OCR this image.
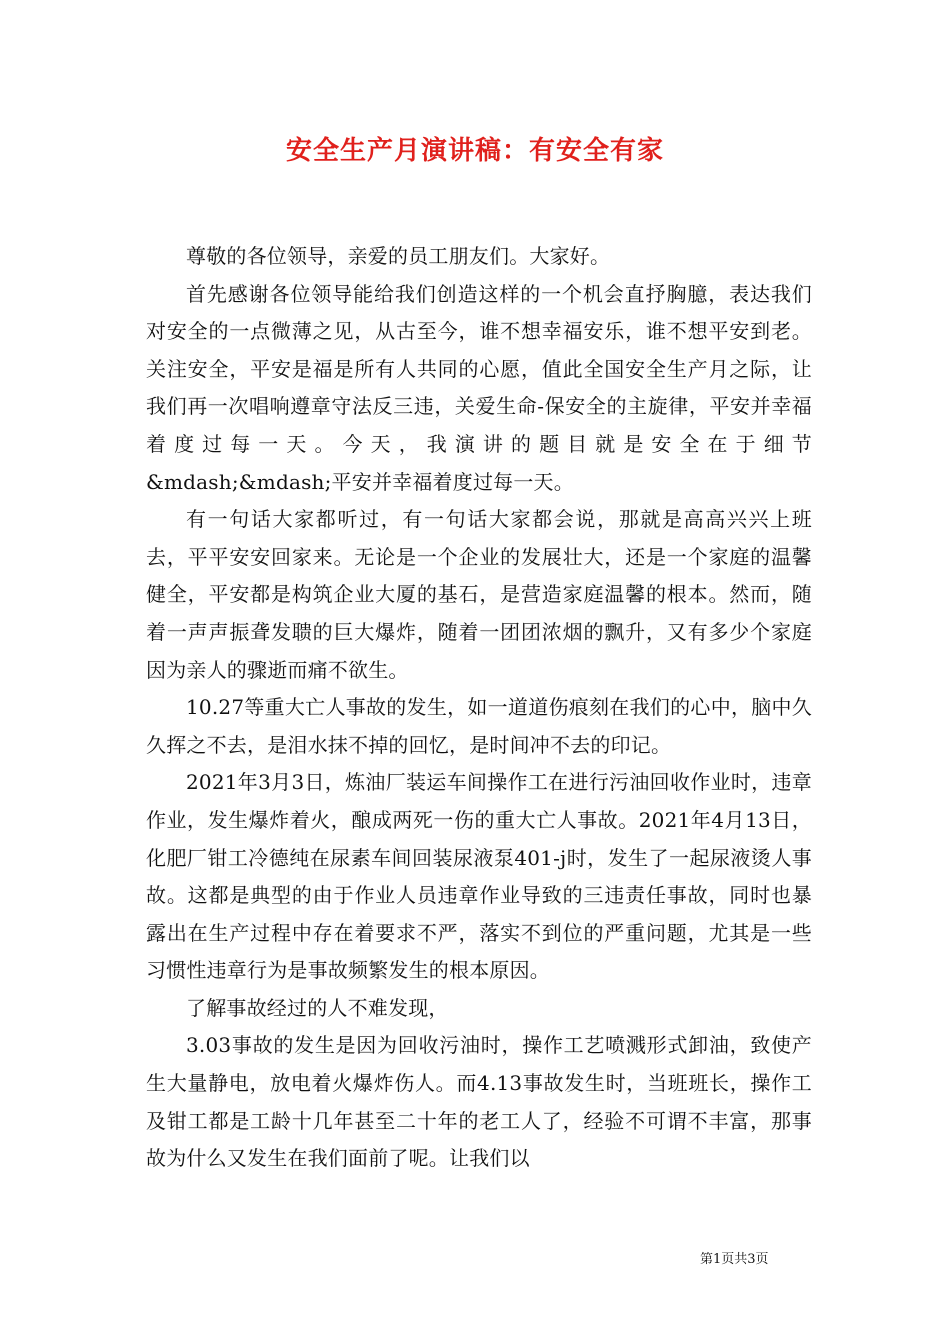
安全生产月演讲稿：有安全有家

尊敬的各位领导，亲爱的员工朋友们。大家好。

首先感谢各位领导能给我们创造这样的一个机会直抒胸臆，表达我们对安全的一点微薄之见，从古至今，谁不想幸福安乐，谁不想平安到老。关注安全，平安是福是所有人共同的心愿，值此全国安全生产月之际，让我们再一次唱响遵章守法反三违，关爱生命-保安全的主旋律，平安并幸福着度过每一天。今天，我演讲的题目就是安全在于细节&mdash;&mdash;平安并幸福着度过每一天。

有一句话大家都听过，有一句话大家都会说，那就是高高兴兴上班去，平平安安回家来。无论是一个企业的发展壮大，还是一个家庭的温馨健全，平安都是构筑企业大厦的基石，是营造家庭温馨的根本。然而，随着一声声振聋发聩的巨大爆炸，随着一团团浓烟的飘升，又有多少个家庭因为亲人的骤逝而痛不欲生。

10.27等重大亡人事故的发生，如一道道伤痕刻在我们的心中，脑中久久挥之不去，是泪水抹不掉的回忆，是时间冲不去的印记。

2021年3月3日，炼油厂装运车间操作工在进行污油回收作业时，违章作业，发生爆炸着火，酿成两死一伤的重大亡人事故。2021年4月13日，化肥厂钳工冷德纯在尿素车间回装尿液泵401-j时，发生了一起尿液烫人事故。这都是典型的由于作业人员违章作业导致的三违责任事故，同时也暴露出在生产过程中存在着要求不严，落实不到位的严重问题，尤其是一些习惯性违章行为是事故频繁发生的根本原因。

了解事故经过的人不难发现，

3.03事故的发生是因为回收污油时，操作工艺喷溅形式卸油，致使产生大量静电，放电着火爆炸伤人。而4.13事故发生时，当班班长，操作工及钳工都是工龄十几年甚至二十年的老工人了，经验不可谓不丰富，那事故为什么又发生在我们面前了呢。让我们以

第1页共3页
